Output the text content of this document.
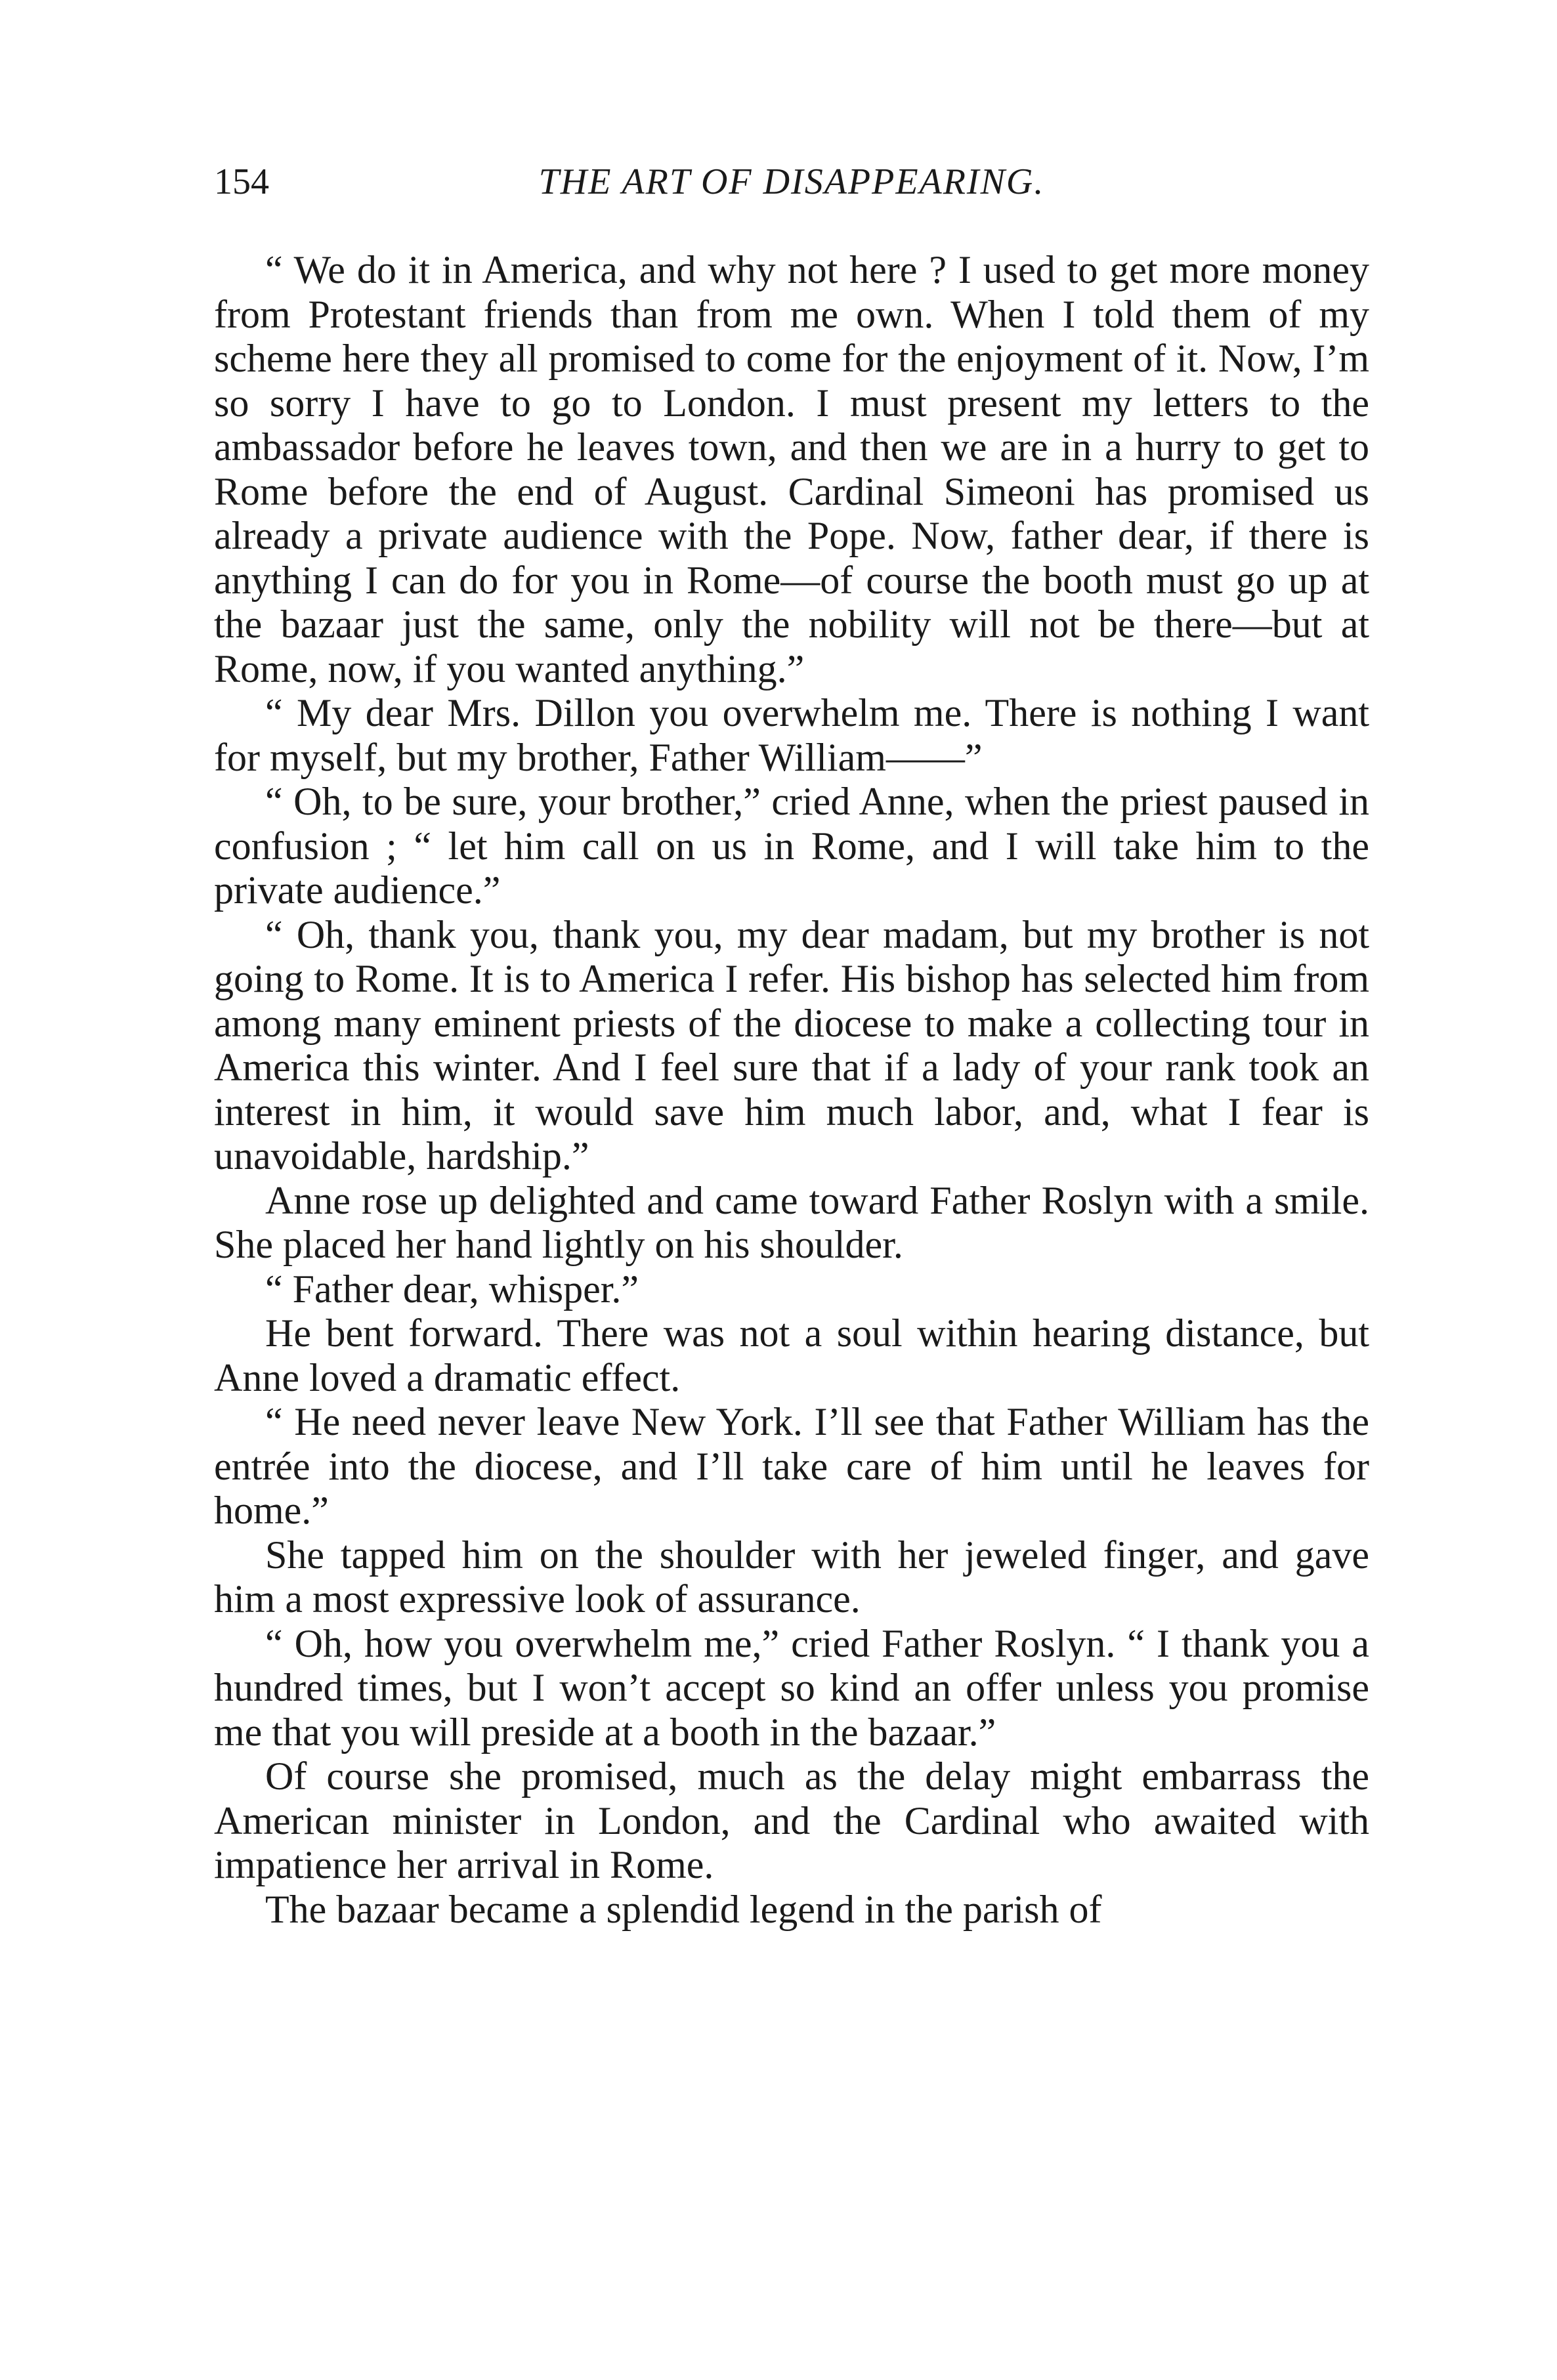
154	THE ART OF DISAPPEARING.

“ We do it in America, and why not here ? I used to get more money from Protestant friends than from me own. When I told them of my scheme here they all promised to come for the enjoyment of it. Now, I’m so sorry I have to go to London. I must present my letters to the ambassador before he leaves town, and then we are in a hurry to get to Rome before the end of August. Cardinal Simeoni has promised us already a private audience with the Pope. Now, father dear, if there is anything I can do for you in Rome—of course the booth must go up at the bazaar just the same, only the nobility will not be there—but at Rome, now, if you wanted anything.”

“ My dear Mrs. Dillon you overwhelm me. There is nothing I want for myself, but my brother, Father William——”

“ Oh, to be sure, your brother,” cried Anne, when the priest paused in confusion ; “ let him call on us in Rome, and I will take him to the private audience.”

“ Oh, thank you, thank you, my dear madam, but my brother is not going to Rome. It is to America I refer. His bishop has selected him from among many eminent priests of the diocese to make a collecting tour in America this winter. And I feel sure that if a lady of your rank took an interest in him, it would save him much labor, and, what I fear is unavoidable, hardship.”

Anne rose up delighted and came toward Father Roslyn with a smile. She placed her hand lightly on his shoulder.

“ Father dear, whisper.”

He bent forward. There was not a soul within hearing distance, but Anne loved a dramatic effect.

“ He need never leave New York. I’ll see that Father William has the entrée into the diocese, and I’ll take care of him until he leaves for home.”

She tapped him on the shoulder with her jeweled finger, and gave him a most expressive look of assurance.

“ Oh, how you overwhelm me,” cried Father Roslyn. “ I thank you a hundred times, but I won’t accept so kind an offer unless you promise me that you will preside at a booth in the bazaar.”

Of course she promised, much as the delay might embarrass the American minister in London, and the Cardinal who awaited with impatience her arrival in Rome.

The bazaar became a splendid legend in the parish of
